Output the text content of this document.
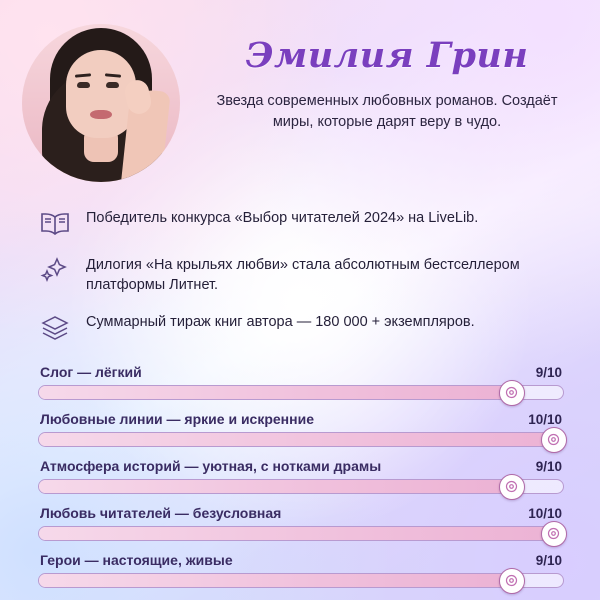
Эмилия Грин

Звезда современных любовных романов. Создаёт миры, которые дарят веру в чудо.

Победитель конкурса «Выбор читателей 2024» на LiveLib.
Дилогия «На крыльях любви» стала абсолютным бестселлером платформы Литнет.
Суммарный тираж книг автора — 180 000 + экземпляров.
Слог — лёгкий	9/10
Любовные линии — яркие и искренние	10/10
Атмосфера историй — уютная, с нотками драмы	9/10
Любовь читателей — безусловная	10/10
Герои — настоящие, живые	9/10
